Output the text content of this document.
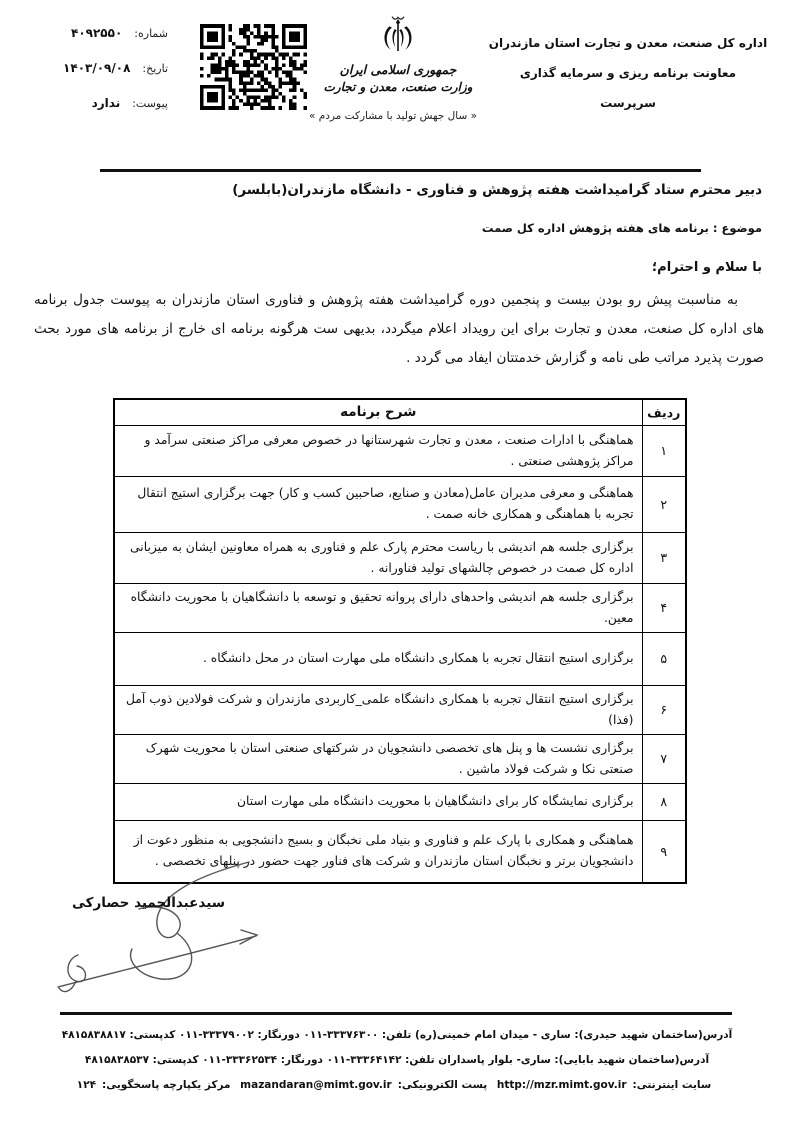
شماره:
۴۰۹۲۵۵۰
تاریخ:
۱۴۰۳/۰۹/۰۸
پیوست:
ندارد
جمهوری اسلامی ایران
وزارت صنعت، معدن و تجارت
« سال جهش تولید با مشارکت مردم »
اداره کل صنعت، معدن و تجارت استان مازندران
معاونت برنامه ریزی و سرمایه گذاری
سرپرست
دبیر محترم ستاد گرامیداشت هفته پژوهش و فناوری - دانشگاه مازندران(بابلسر)
موضوع : برنامه های هفته پژوهش اداره کل صمت
با سلام و احترام؛
به مناسبت پیش رو بودن بیست و پنجمین دوره گرامیداشت هفته پژوهش و فناوری استان مازندران به پیوست جدول برنامه های اداره کل صنعت، معدن و تجارت برای این رویداد اعلام میگردد، بدیهی ست هرگونه برنامه ای خارج از برنامه های مورد بحث صورت پذیرد مراتب طی نامه و گزارش خدمتتان ایفاد می گردد .
ردیف	شرح برنامه
۱	هماهنگی با ادارات صنعت ، معدن و تجارت شهرستانها در خصوص معرفی مراکز صنعتی سرآمد و مراکز پژوهشی صنعتی .
۲	هماهنگی و معرفی مدیران عامل(معادن و صنایع، صاحبین کسب و کار) جهت برگزاری استیج انتقال تجربه با هماهنگی و همکاری خانه صمت .
۳	برگزاری جلسه هم اندیشی با ریاست محترم پارک علم و فناوری به همراه معاونین ایشان به میزبانی اداره کل صمت در خصوص چالشهای تولید فناورانه .
۴	برگزاری جلسه هم اندیشی واحدهای دارای پروانه تحقیق و توسعه با دانشگاهیان با محوریت دانشگاه معین.
۵	برگزاری استیج انتقال تجربه با همکاری دانشگاه ملی مهارت استان در محل دانشگاه .
۶	برگزاری استیج انتقال تجربه با همکاری دانشگاه علمی_کاربردی مازندران و شرکت فولادین ذوب آمل (فذا)
۷	برگزاری نشست ها و پنل های تخصصی دانشجویان در شرکتهای صنعتی استان با محوریت شهرک صنعتی نکا و شرکت فولاد ماشین .
۸	برگزاری نمایشگاه کار برای دانشگاهیان با محوریت دانشگاه ملی مهارت استان
۹	هماهنگی و همکاری با پارک علم و فناوری و بنیاد ملی نخبگان و بسیج دانشجویی به منظور دعوت از دانشجویان برتر و نخبگان استان مازندران و شرکت های فناور جهت حضور در پنلهای تخصصی .
سیدعبدالحمید حصارکی
آدرس(ساختمان شهید حیدری): ساری - میدان امام خمینی(ره) تلفن: ۳۳۳۷۶۳۰۰-۰۱۱ دورنگار: ۳۳۳۷۹۰۰۲-۰۱۱ کدپستی: ۴۸۱۵۸۳۸۸۱۷
آدرس(ساختمان شهید بابایی): ساری- بلوار پاسداران تلفن: ۳۳۳۶۴۱۴۲-۰۱۱ دورنگار: ۳۳۳۶۲۵۳۴-۰۱۱ کدپستی: ۴۸۱۵۸۳۸۵۳۷
سایت اینترنتی:http://mzr.mimt.gov.ir پست الکترونیکی:mazandaran@mimt.gov.ir مرکز یکپارچه پاسخگویی:۱۲۴
